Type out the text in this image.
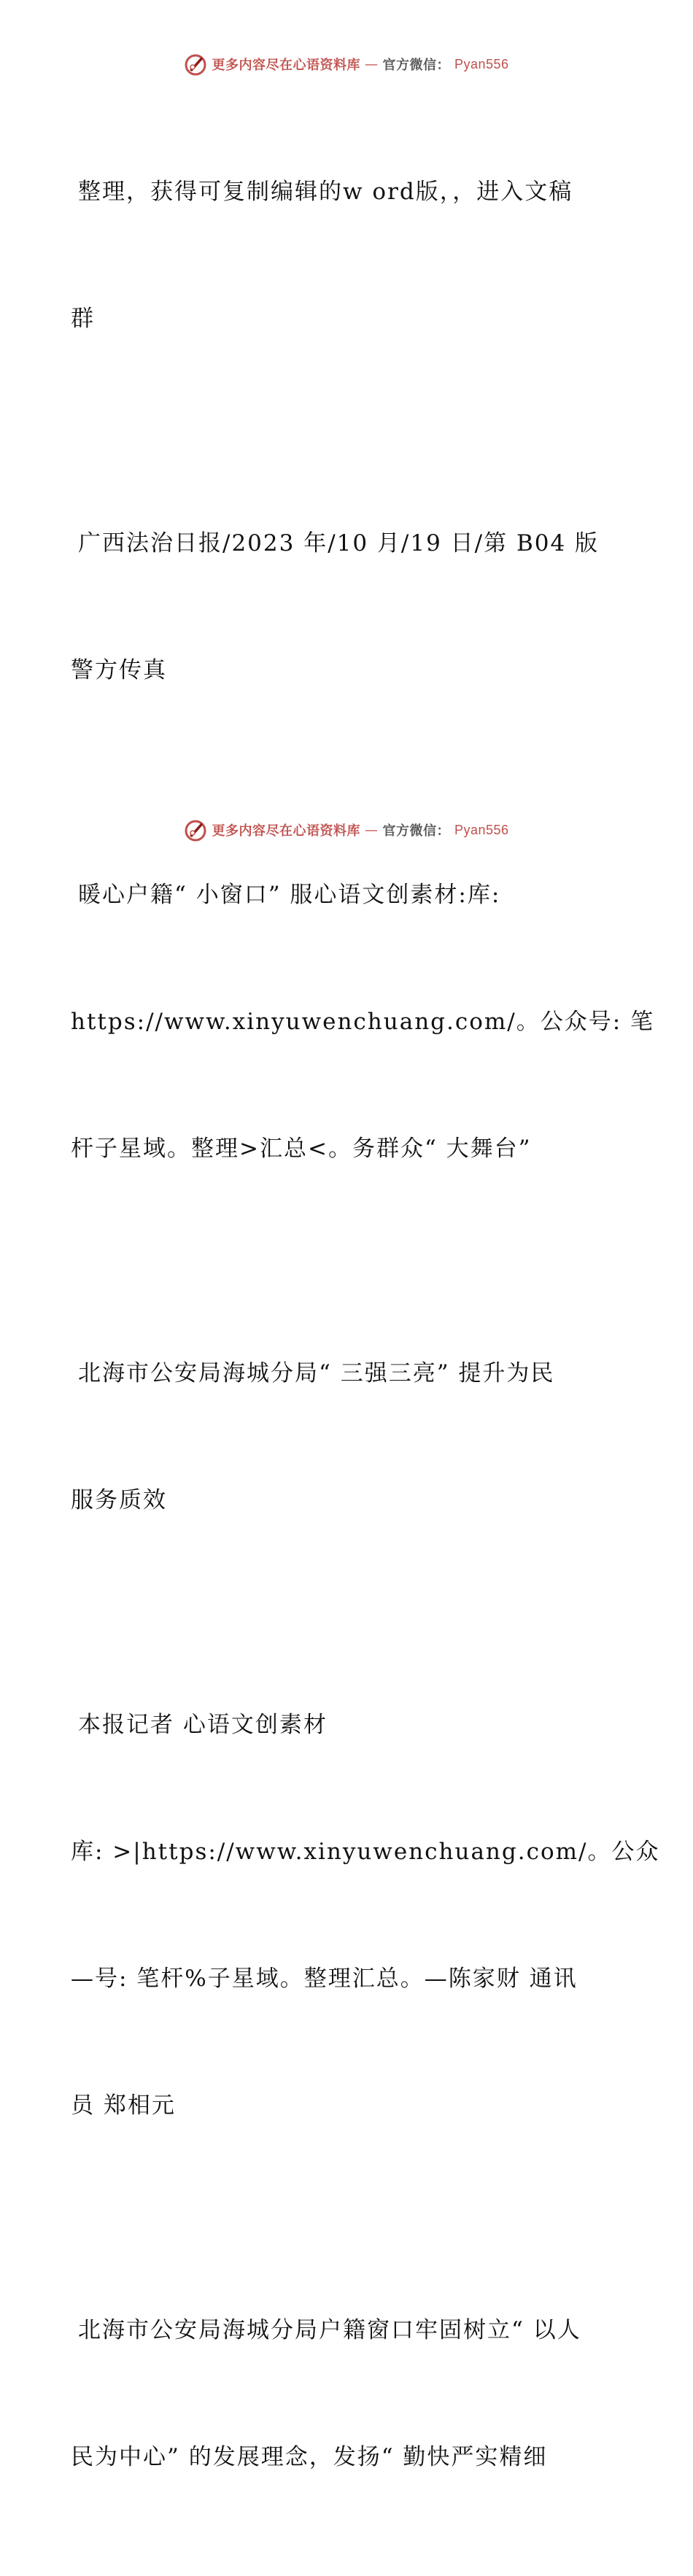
更多内容尽在心语资料库 — 官方微信： Pyan556

整理，获得可复制编辑的w ord版，，进入文稿

群

广西法治日报/2023 年/10 月/19 日/第 B04 版

警方传真

暖心户籍“ 小窗口” 服心语文创素材:库:

https://www.xinyuwenchuang.com/。公众号: 笔

杆子星域。整理>汇总<。务群众“ 大舞台”

北海市公安局海城分局“ 三强三亮” 提升为民

服务质效

本报记者 心语文创素材

库: >|https://www.xinyuwenchuang.com/。公众

—号: 笔杆%子星域。整理汇总。—陈家财 通讯

员 郑相元

北海市公安局海城分局户籍窗口牢固树立“ 以人

民为中心” 的发展理念，发扬“ 勤快严实精细

更多内容尽在心语资料库 — 官方微信： Pyan556
